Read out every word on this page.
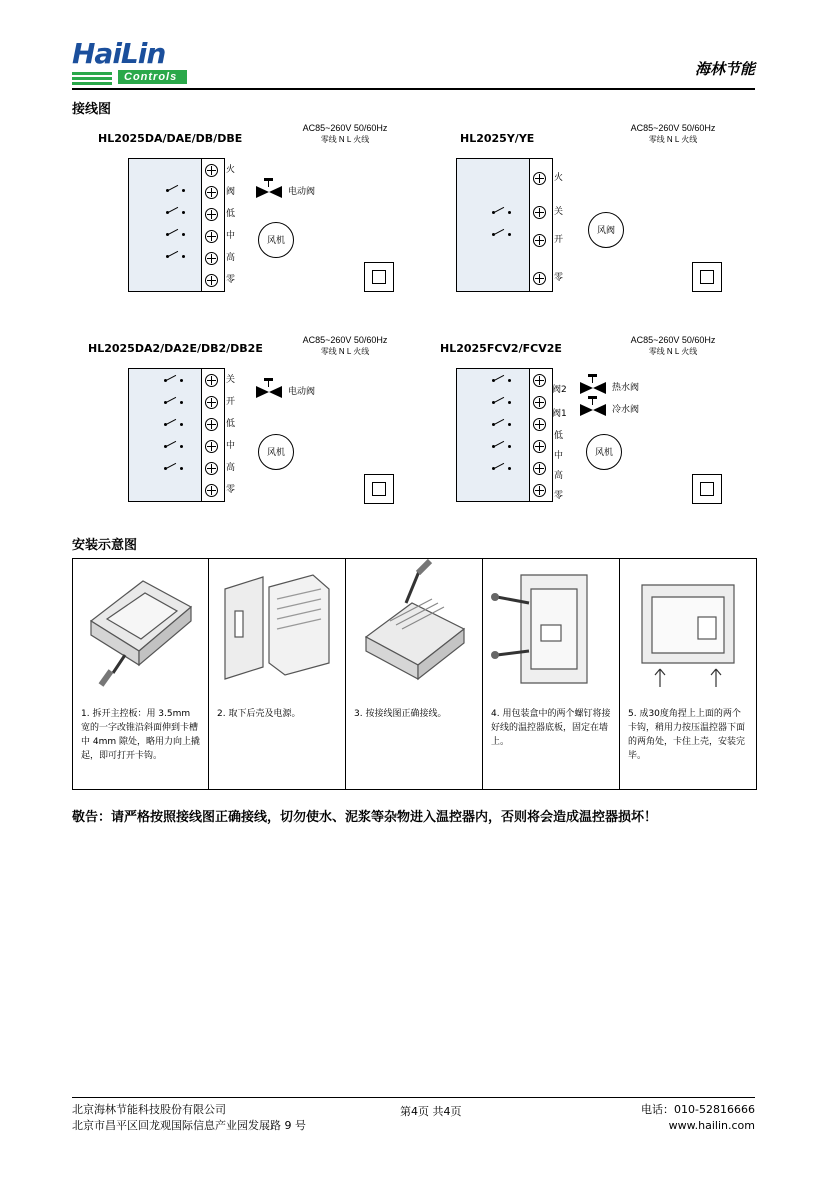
HaiLin
Controls	海林节能
接线图
HL2025DA/DAE/DB/DBE
AC85~260V 50/60Hz
零线 N L 火线
火
阀
低
中
高
零
电动阀
风机
HL2025Y/YE
AC85~260V 50/60Hz
零线 N L 火线
火
关
开
零
风阀
HL2025DA2/DA2E/DB2/DB2E
AC85~260V 50/60Hz
零线 N L 火线
关
开
低
中
高
零
电动阀
风机
HL2025FCV2/FCV2E
AC85~260V 50/60Hz
零线 N L 火线
阀2
阀1
低
中
高
零
热水阀
冷水阀
风机
安装示意图
1. 拆开主控板：用 3.5mm 宽的一字改锥沿斜面伸到卡槽中 4mm 隙处，略用力向上撬起，即可打开卡钩。
2. 取下后壳及电源。	3. 按接线图正确接线。	4. 用包装盒中的两个螺钉将接好线的温控器底板，固定在墙上。
5. 成30度角捏上上面的两个卡钩，稍用力按压温控器下面的两角处，卡住上壳，安装完毕。
敬告：请严格按照接线图正确接线，切勿使水、泥浆等杂物进入温控器内，否则将会造成温控器损坏！
北京海林节能科技股份有限公司
北京市昌平区回龙观国际信息产业园发展路 9 号
第4页 共4页	电话：010-52816666
www.hailin.com
